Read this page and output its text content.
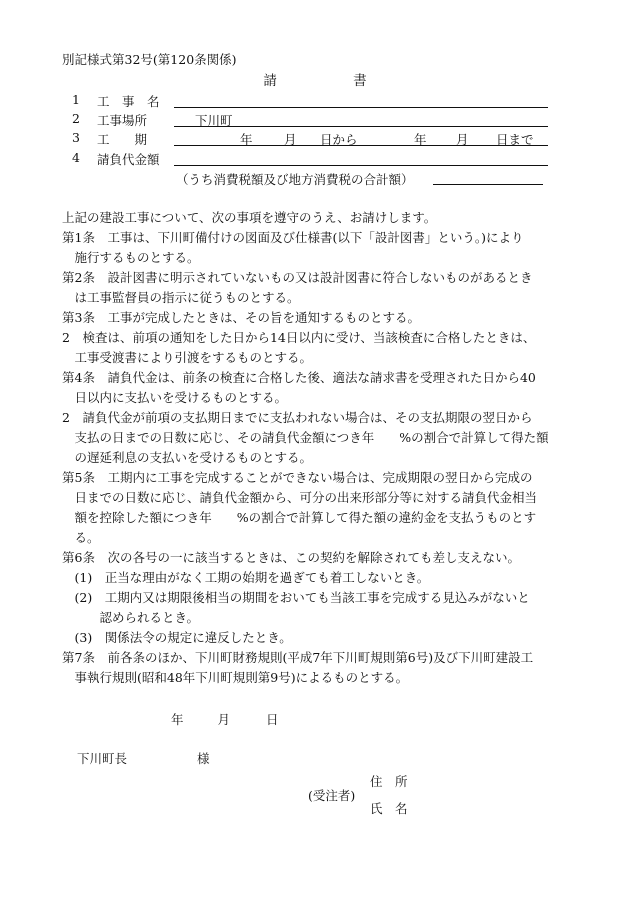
別記様式第32号(第120条関係)
請	書
1	工　事　名
2	工事場所	下川町
3	工　　期	年	月 日から	年 月 日まで
4	請負代金額
（うち消費税額及び地方消費税の合計額）
上記の建設工事について、次の事項を遵守のうえ、お請けします。
第1条　工事は、下川町備付けの図面及び仕様書(以下「設計図書」という。)により
　施行するものとする。
第2条　設計図書に明示されていないもの又は設計図書に符合しないものがあるとき
　は工事監督員の指示に従うものとする。
第3条　工事が完成したときは、その旨を通知するものとする。
2　検査は、前項の通知をした日から14日以内に受け、当該検査に合格したときは、
　工事受渡書により引渡をするものとする。
第4条　請負代金は、前条の検査に合格した後、適法な請求書を受理された日から40
　日以内に支払いを受けるものとする。
2　請負代金が前項の支払期日までに支払われない場合は、その支払期限の翌日から
　支払の日までの日数に応じ、その請負代金額につき年　　%の割合で計算して得た額
　の遅延利息の支払いを受けるものとする。
第5条　工期内に工事を完成することができない場合は、完成期限の翌日から完成の
　日までの日数に応じ、請負代金額から、可分の出来形部分等に対する請負代金相当
　額を控除した額につき年　　%の割合で計算して得た額の違約金を支払うものとす
　る。
第6条　次の各号の一に該当するときは、この契約を解除されても差し支えない。
　(1)　正当な理由がなく工期の始期を過ぎても着工しないとき。
　(2)　工期内又は期限後相当の期間をおいても当該工事を完成する見込みがないと
　　　認められるとき。
　(3)　関係法令の規定に違反したとき。
第7条　前各条のほか、下川町財務規則(平成7年下川町規則第6号)及び下川町建設工
　事執行規則(昭和48年下川町規則第9号)によるものとする。
年	月	日
下川町長	様
(受注者)
住　所
氏　名
